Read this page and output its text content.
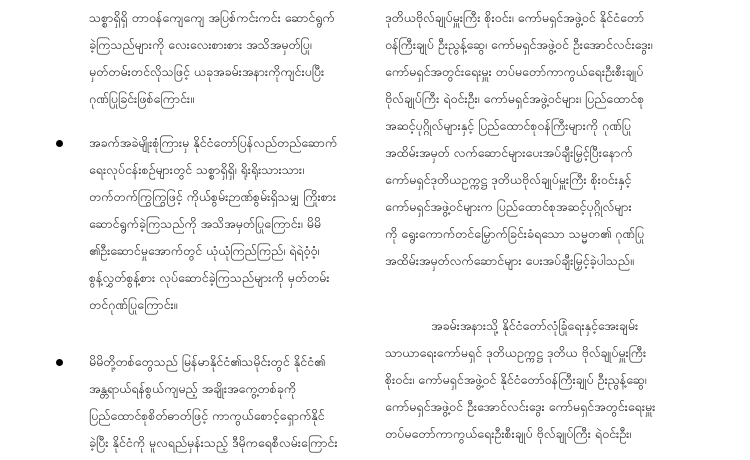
သစ္စာရှိရှိ တာဝန်ကျေကျေ အပြစ်ကင်းကင်း ဆောင်ရွက်
ခဲ့ကြသည်များကို လေးလေးစားစား အသိအမှတ်ပြု၊
မှတ်တမ်းတင်လိုသဖြင့် ယခုအခမ်းအနားကိုကျင်းပပြီး
ဂုဏ်ပြုခြင်းဖြစ်ကြောင်း။
အခက်အခဲမျိုးစုံကြားမှ နိုင်ငံတော်ပြန်လည်တည်ဆောက်
ရေးလုပ်ငန်းစဉ်များတွင် သစ္စာရှိရှိ၊ ရိုးရိုးသားသား၊
တက်တက်ကြွကြွဖြင့် ကိုယ်စွမ်းဉာဏ်စွမ်းရှိသမျှ ကြိုးစား
ဆောင်ရွက်ခဲ့ကြသည်ကို အသိအမှတ်ပြုကြောင်း၊ မိမိ
၏ဦးဆောင်မှုအောက်တွင် ယုံယုံကြည်ကြည်၊ ရဲရဲဝံ့ဝံ့၊
စွန့်လွှတ်စွန့်စား လုပ်ဆောင်ခဲ့ကြသည်များကို မှတ်တမ်း
တင်ဂုဏ်ပြုကြောင်း။
မိမိတို့တစ်တွေသည် မြန်မာနိုင်ငံ၏သမိုင်းတွင် နိုင်ငံ၏
အန္တရာယ်ရန်စွယ်ကျမည့် အချိုးအကွေ့တစ်ခုကို
ပြည်ထောင်စုစိတ်ဓာတ်ဖြင့် ကာကွယ်စောင့်ရှောက်နိုင်
ခဲ့ပြီး နိုင်ငံကို မူလရည်မှန်းသည့် ဒီမိုကရေစီလမ်းကြောင်း
ဒုတိယဗိုလ်ချုပ်မှူးကြီး စိုးဝင်း၊ ကော်မရှင်အဖွဲ့ဝင် နိုင်ငံတော်
ဝန်ကြီးချုပ် ဦးညွန့်ဆွေ၊ ကော်မရှင်အဖွဲ့ဝင် ဦးအောင်လင်းဒွေး၊
ကော်မရှင်အတွင်းရေးမှူး တပ်မတော်ကာကွယ်ရေးဦးစီးချုပ်
ဗိုလ်ချုပ်ကြီး ရဲဝင်းဦး၊ ကော်မရှင်အဖွဲ့ဝင်များ၊ ပြည်ထောင်စု
အဆင့်ပုဂ္ဂိုလ်များနှင့် ပြည်ထောင်စုဝန်ကြီးများကို ဂုဏ်ပြု
အထိမ်းအမှတ် လက်ဆောင်များပေးအပ်ချီးမြှင့်ပြီးနောက်
ကော်မရှင်ဒုတိယဥက္ကဋ္ဌ ဒုတိယဗိုလ်ချုပ်မှူးကြီး စိုးဝင်းနှင့်
ကော်မရှင်အဖွဲ့ဝင်များက ပြည်ထောင်စုအဆင့်ပုဂ္ဂိုလ်များ
ကို ရွေးကောက်တင်မြှောက်ခြင်းခံရသော သမ္မတ၏ ဂုဏ်ပြု
အထိမ်းအမှတ်လက်ဆောင်များ ပေးအပ်ချီးမြှင့်ခဲ့ပါသည်။
အခမ်းအနားသို့ နိုင်ငံတော်လုံခြုံရေးနှင့်အေးချမ်း
သာယာရေးကော်မရှင် ဒုတိယဥက္ကဋ္ဌ ဒုတိယ ဗိုလ်ချုပ်မှူးကြီး
စိုးဝင်း၊ ကော်မရှင်အဖွဲ့ဝင် နိုင်ငံတော်ဝန်ကြီးချုပ် ဦးညွန့်ဆွေ၊
ကော်မရှင်အဖွဲ့ဝင် ဦးအောင်လင်းဒွေး ကော်မရှင်အတွင်းရေးမှူး
တပ်မတော်ကာကွယ်ရေးဦးစီးချုပ် ဗိုလ်ချုပ်ကြီး ရဲဝင်းဦး၊
